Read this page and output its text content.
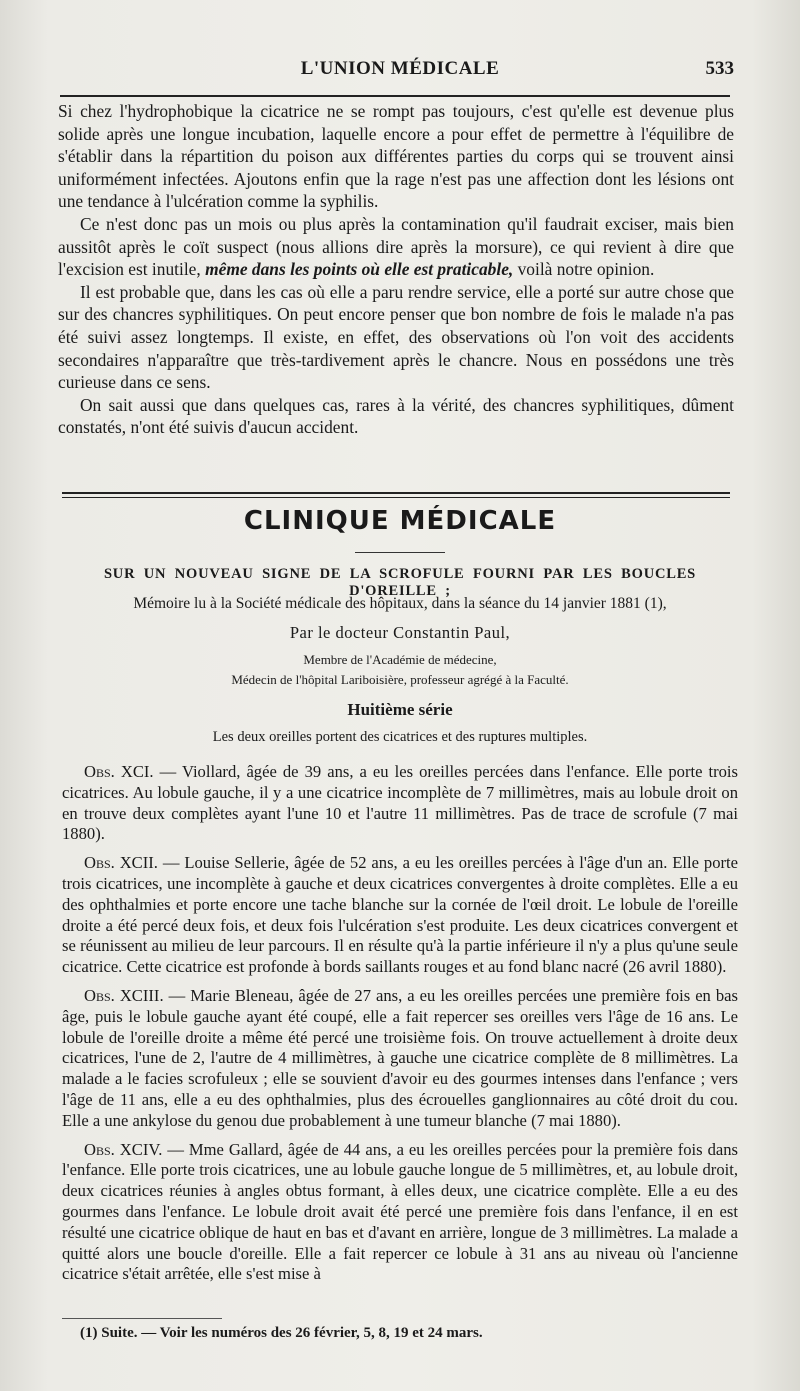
L'UNION MÉDICALE	533

Si chez l'hydrophobique la cicatrice ne se rompt pas toujours, c'est qu'elle est devenue plus solide après une longue incubation, laquelle encore a pour effet de permettre à l'équilibre de s'établir dans la répartition du poison aux différentes parties du corps qui se trouvent ainsi uniformément infectées. Ajoutons enfin que la rage n'est pas une affection dont les lésions ont une tendance à l'ulcération comme la syphilis.

Ce n'est donc pas un mois ou plus après la contamination qu'il faudrait exciser, mais bien aussitôt après le coït suspect (nous allions dire après la morsure), ce qui revient à dire que l'excision est inutile, même dans les points où elle est praticable, voilà notre opinion.

Il est probable que, dans les cas où elle a paru rendre service, elle a porté sur autre chose que sur des chancres syphilitiques. On peut encore penser que bon nombre de fois le malade n'a pas été suivi assez longtemps. Il existe, en effet, des observations où l'on voit des accidents secondaires n'apparaître que très-tardivement après le chancre. Nous en possédons une très curieuse dans ce sens.

On sait aussi que dans quelques cas, rares à la vérité, des chancres syphilitiques, dûment constatés, n'ont été suivis d'aucun accident.

CLINIQUE MÉDICALE
SUR UN NOUVEAU SIGNE DE LA SCROFULE FOURNI PAR LES BOUCLES D'OREILLE ;
Mémoire lu à la Société médicale des hôpitaux, dans la séance du 14 janvier 1881 (1),
Par le docteur Constantin Paul,
Membre de l'Académie de médecine,
Médecin de l'hôpital Lariboisière, professeur agrégé à la Faculté.
Huitième série
Les deux oreilles portent des cicatrices et des ruptures multiples.

Obs. XCI. — Viollard, âgée de 39 ans, a eu les oreilles percées dans l'enfance. Elle porte trois cicatrices. Au lobule gauche, il y a une cicatrice incomplète de 7 millimètres, mais au lobule droit on en trouve deux complètes ayant l'une 10 et l'autre 11 millimètres. Pas de trace de scrofule (7 mai 1880).

Obs. XCII. — Louise Sellerie, âgée de 52 ans, a eu les oreilles percées à l'âge d'un an. Elle porte trois cicatrices, une incomplète à gauche et deux cicatrices convergentes à droite complètes. Elle a eu des ophthalmies et porte encore une tache blanche sur la cornée de l'œil droit. Le lobule de l'oreille droite a été percé deux fois, et deux fois l'ulcération s'est produite. Les deux cicatrices convergent et se réunissent au milieu de leur parcours. Il en résulte qu'à la partie inférieure il n'y a plus qu'une seule cicatrice. Cette cicatrice est profonde à bords saillants rouges et au fond blanc nacré (26 avril 1880).

Obs. XCIII. — Marie Bleneau, âgée de 27 ans, a eu les oreilles percées une première fois en bas âge, puis le lobule gauche ayant été coupé, elle a fait repercer ses oreilles vers l'âge de 16 ans. Le lobule de l'oreille droite a même été percé une troisième fois. On trouve actuellement à droite deux cicatrices, l'une de 2, l'autre de 4 millimètres, à gauche une cicatrice complète de 8 millimètres. La malade a le facies scrofuleux ; elle se souvient d'avoir eu des gourmes intenses dans l'enfance ; vers l'âge de 11 ans, elle a eu des ophthalmies, plus des écrouelles ganglionnaires au côté droit du cou. Elle a une ankylose du genou due probablement à une tumeur blanche (7 mai 1880).

Obs. XCIV. — Mme Gallard, âgée de 44 ans, a eu les oreilles percées pour la première fois dans l'enfance. Elle porte trois cicatrices, une au lobule gauche longue de 5 millimètres, et, au lobule droit, deux cicatrices réunies à angles obtus formant, à elles deux, une cicatrice complète. Elle a eu des gourmes dans l'enfance. Le lobule droit avait été percé une première fois dans l'enfance, il en est résulté une cicatrice oblique de haut en bas et d'avant en arrière, longue de 3 millimètres. La malade a quitté alors une boucle d'oreille. Elle a fait repercer ce lobule à 31 ans au niveau où l'ancienne cicatrice s'était arrêtée, elle s'est mise à

(1) Suite. — Voir les numéros des 26 février, 5, 8, 19 et 24 mars.
